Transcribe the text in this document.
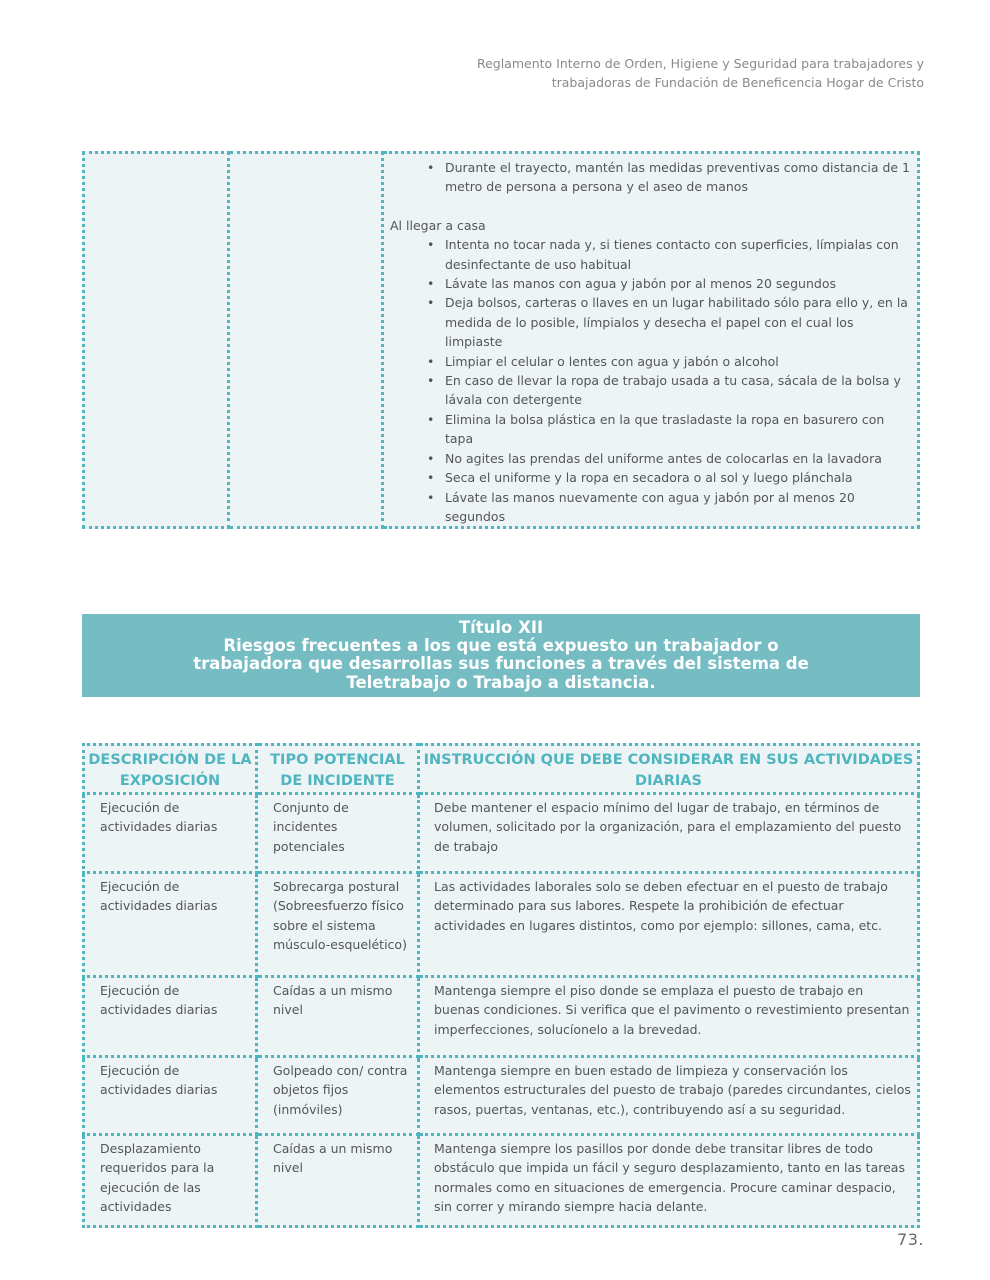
Reglamento Interno de Orden, Higiene y Seguridad para trabajadores y
trabajadoras de Fundación de Beneficencia Hogar de Cristo

• Durante el trayecto, mantén las medidas preventivas como distancia de 1 metro de persona a persona y el aseo de manos
Al llegar a casa
• Intenta no tocar nada y, si tienes contacto con superficies, límpialas con desinfectante de uso habitual
• Lávate las manos con agua y jabón por al menos 20 segundos
• Deja bolsos, carteras o llaves en un lugar habilitado sólo para ello y, en la medida de lo posible, límpialos y desecha el papel con el cual los limpiaste
• Limpiar el celular o lentes con agua y jabón o alcohol
• En caso de llevar la ropa de trabajo usada a tu casa, sácala de la bolsa y lávala con detergente
• Elimina la bolsa plástica en la que trasladaste la ropa en basurero con tapa
• No agites las prendas del uniforme antes de colocarlas en la lavadora
• Seca el uniforme y la ropa en secadora o al sol y luego plánchala
• Lávate las manos nuevamente con agua y jabón por al menos 20 segundos
Título XII
Riesgos frecuentes a los que está expuesto un trabajador o
trabajadora que desarrollas sus funciones a través del sistema de
Teletrabajo o Trabajo a distancia.
DESCRIPCIÓN DE LA EXPOSICIÓN	TIPO POTENCIAL DE INCIDENTE	INSTRUCCIÓN QUE DEBE CONSIDERAR EN SUS ACTIVIDADES DIARIAS
Ejecución de actividades diarias	Conjunto de incidentes potenciales	Debe mantener el espacio mínimo del lugar de trabajo, en términos de volumen, solicitado por la organización, para el emplazamiento del puesto de trabajo
Ejecución de actividades diarias	Sobrecarga postural (Sobreesfuerzo físico sobre el sistema músculo-esquelético)	Las actividades laborales solo se deben efectuar en el puesto de trabajo determinado para sus labores. Respete la prohibición de efectuar actividades en lugares distintos, como por ejemplo: sillones, cama, etc.
Ejecución de actividades diarias	Caídas a un mismo nivel	Mantenga siempre el piso donde se emplaza el puesto de trabajo en buenas condiciones. Si verifica que el pavimento o revestimiento presentan imperfecciones, solucíonelo a la brevedad.
Ejecución de actividades diarias	Golpeado con/ contra objetos fijos (inmóviles)	Mantenga siempre en buen estado de limpieza y conservación los elementos estructurales del puesto de trabajo (paredes circundantes, cielos rasos, puertas, ventanas, etc.), contribuyendo así a su seguridad.
Desplazamiento requeridos para la ejecución de las actividades	Caídas a un mismo nivel	Mantenga siempre los pasillos por donde debe transitar libres de todo obstáculo que impida un fácil y seguro desplazamiento, tanto en las tareas normales como en situaciones de emergencia. Procure caminar despacio, sin correr y mirando siempre hacia delante.
73.
